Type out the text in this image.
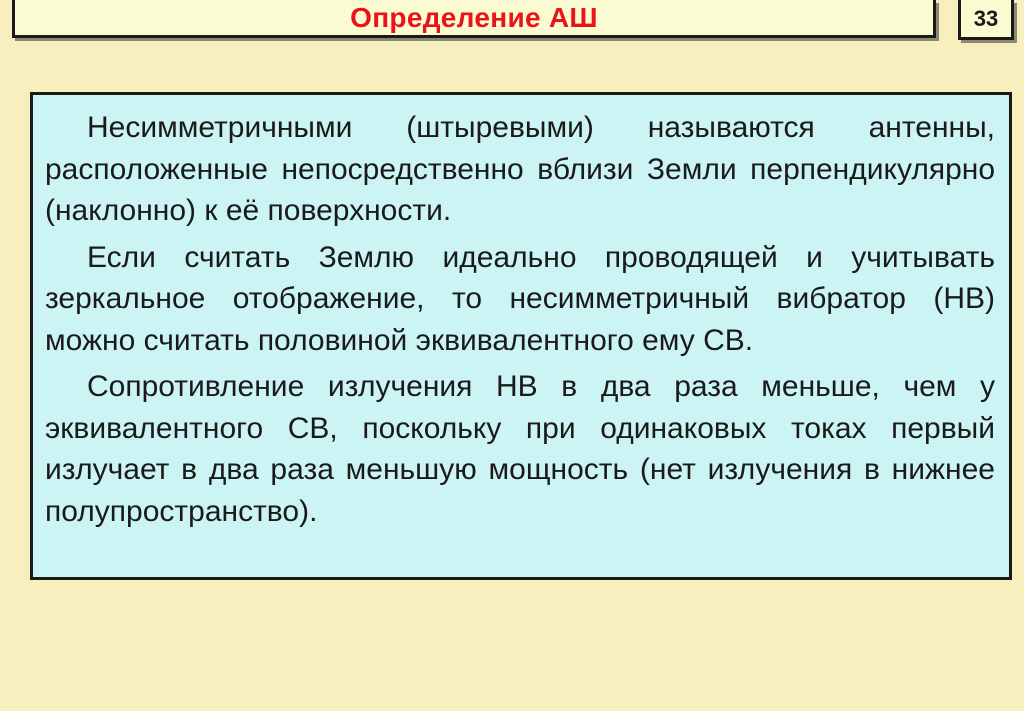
Определение АШ	33

Несимметричными (штыревыми) называются антенны, расположенные непосредственно вблизи Земли перпендикулярно (наклонно) к её поверхности.

Если считать Землю идеально проводящей и учитывать зеркальное отображение, то несимметричный вибратор (НВ) можно считать половиной эквивалентного ему СВ.

Сопротивление излучения НВ в два раза меньше, чем у эквивалентного СВ, поскольку при одинаковых токах первый излучает в два раза меньшую мощность (нет излучения в нижнее полупространство).
